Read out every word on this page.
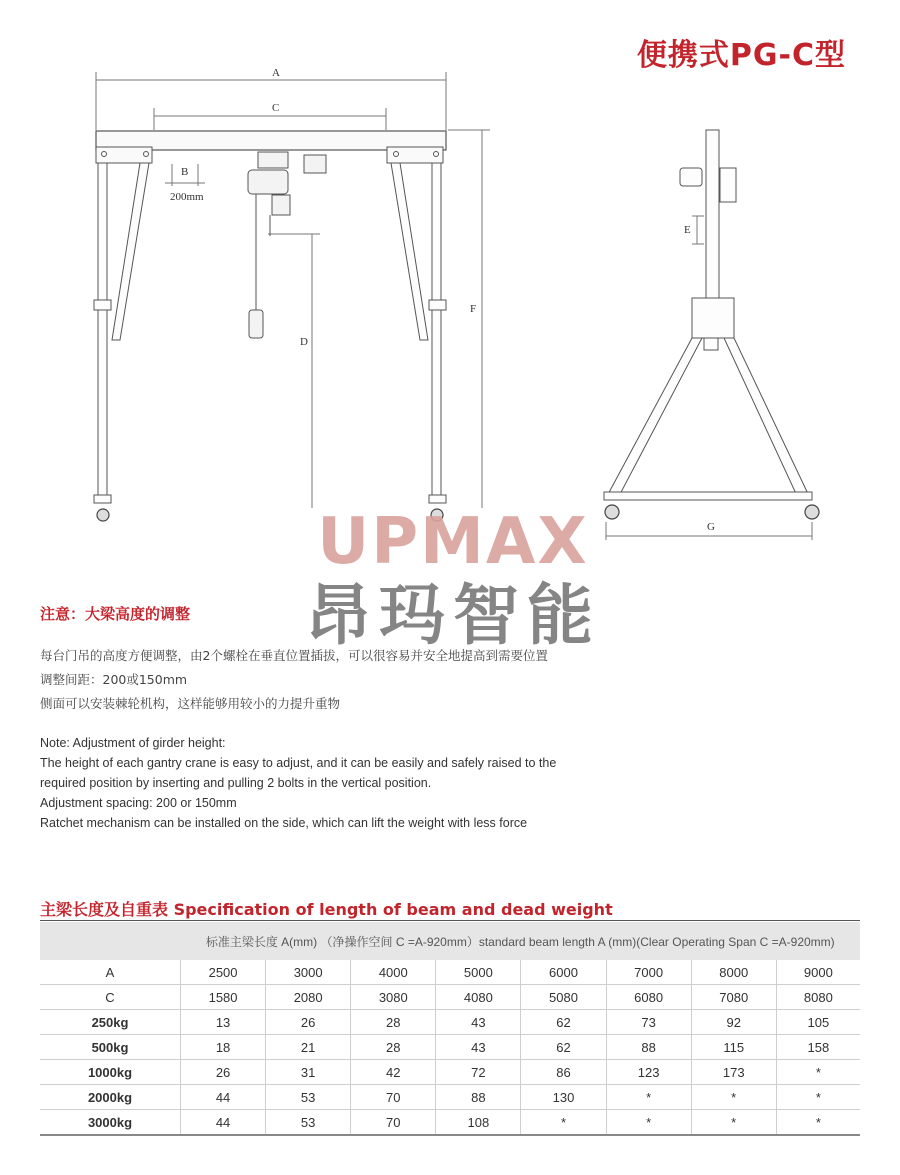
便携式PG-C型
A
C
B
200mm
D
F
E
G
UPMAX
昂玛智能
注意：大梁高度的调整
每台门吊的高度方便调整，由2个螺栓在垂直位置插拔，可以很容易并安全地提高到需要位置
调整间距：200或150mm
侧面可以安装棘轮机构，这样能够用较小的力提升重物
Note: Adjustment of girder height:
The height of each gantry crane is easy to adjust, and it can be easily and safely raised to the
required position by inserting and pulling 2 bolts in the vertical position.
Adjustment spacing: 200 or 150mm
Ratchet mechanism can be installed on the side, which can lift the weight with less force
主梁长度及自重表 Specification of length of beam and dead weight
	标准主梁长度 A(mm) （净操作空间 C =A-920mm）standard beam length A (mm)(Clear Operating Span C =A-920mm)							
A	2500	3000	4000	5000	6000	7000	8000	9000
C	1580	2080	3080	4080	5080	6080	7080	8080
250kg	13	26	28	43	62	73	92	105
500kg	18	21	28	43	62	88	115	158
1000kg	26	31	42	72	86	123	173	*
2000kg	44	53	70	88	130	*	*	*
3000kg	44	53	70	108	*	*	*	*
